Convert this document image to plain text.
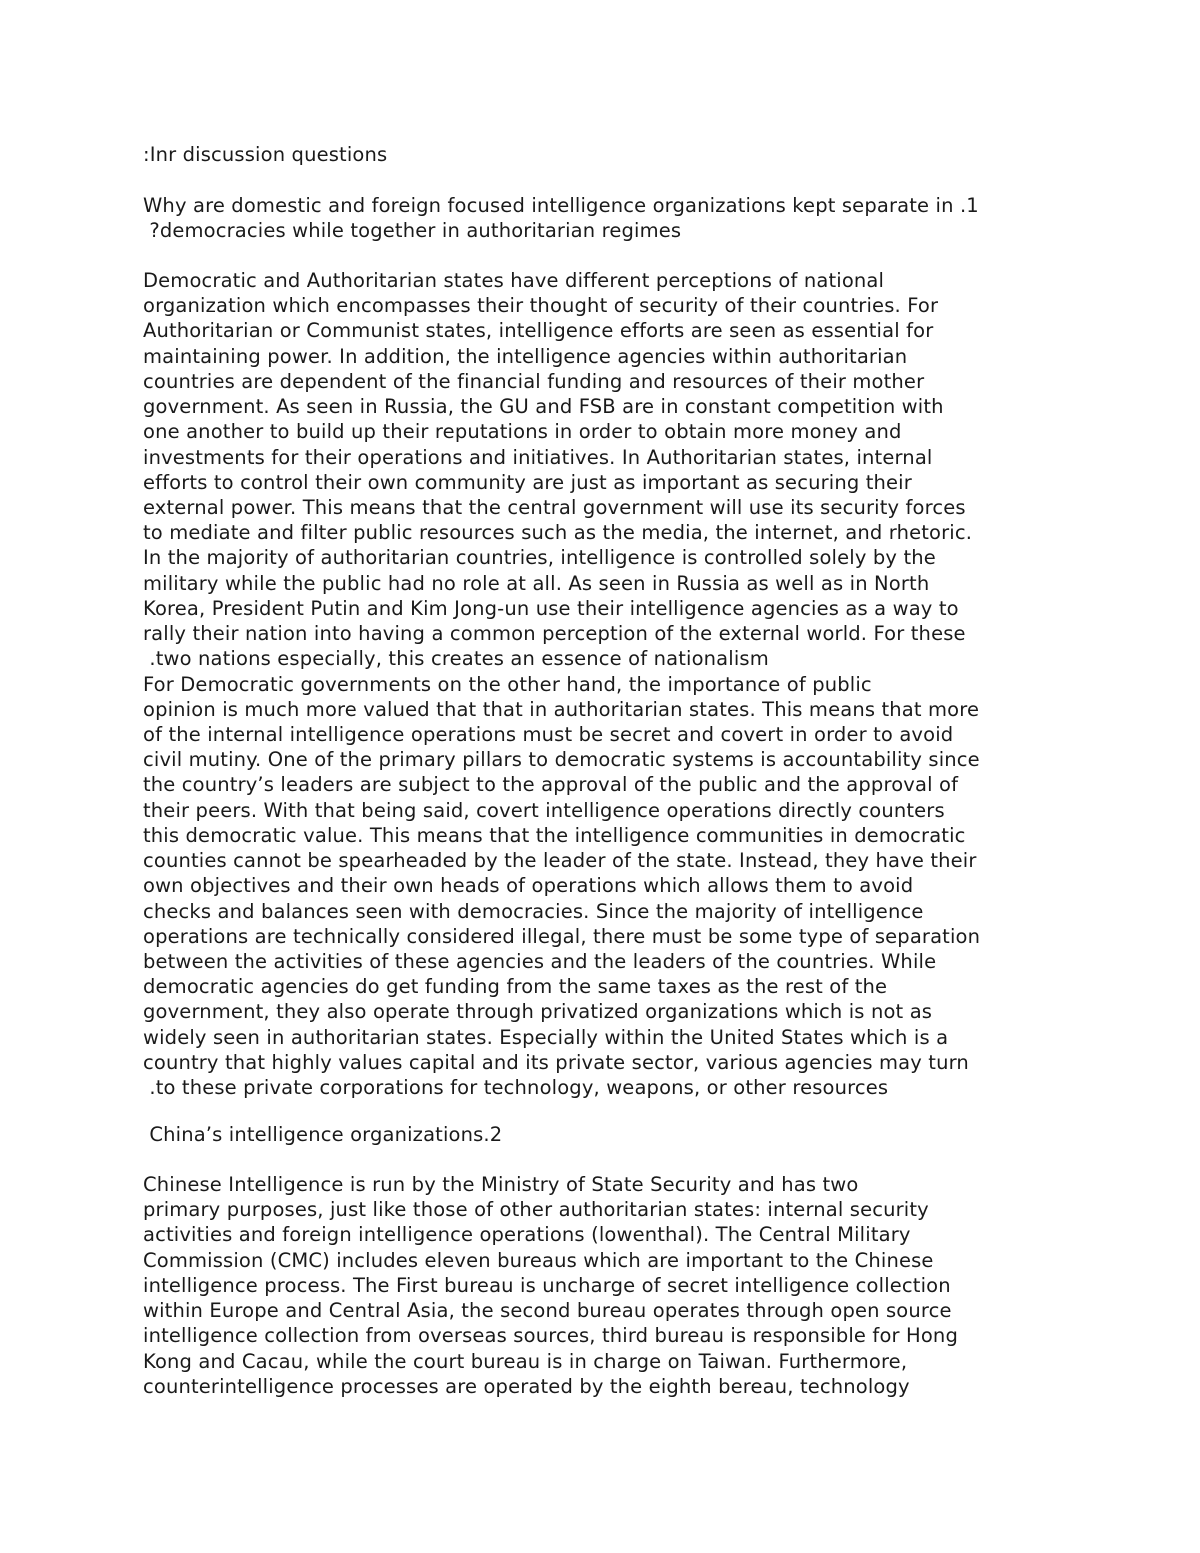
:Inr discussion questions
Why are domestic and foreign focused intelligence organizations kept separate in .1
?democracies while together in authoritarian regimes
Democratic and Authoritarian states have different perceptions of national
organization which encompasses their thought of security of their countries. For
Authoritarian or Communist states, intelligence efforts are seen as essential for
maintaining power. In addition, the intelligence agencies within authoritarian
countries are dependent of the financial funding and resources of their mother
government. As seen in Russia, the GU and FSB are in constant competition with
one another to build up their reputations in order to obtain more money and
investments for their operations and initiatives. In Authoritarian states, internal
efforts to control their own community are just as important as securing their
external power. This means that the central government will use its security forces
to mediate and filter public resources such as the media, the internet, and rhetoric.
In the majority of authoritarian countries, intelligence is controlled solely by the
military while the public had no role at all. As seen in Russia as well as in North
Korea, President Putin and Kim Jong-un use their intelligence agencies as a way to
rally their nation into having a common perception of the external world. For these
.two nations especially, this creates an essence of nationalism
For Democratic governments on the other hand, the importance of public
opinion is much more valued that that in authoritarian states. This means that more
of the internal intelligence operations must be secret and covert in order to avoid
civil mutiny. One of the primary pillars to democratic systems is accountability since
the country’s leaders are subject to the approval of the public and the approval of
their peers. With that being said, covert intelligence operations directly counters
this democratic value. This means that the intelligence communities in democratic
counties cannot be spearheaded by the leader of the state. Instead, they have their
own objectives and their own heads of operations which allows them to avoid
checks and balances seen with democracies. Since the majority of intelligence
operations are technically considered illegal, there must be some type of separation
between the activities of these agencies and the leaders of the countries. While
democratic agencies do get funding from the same taxes as the rest of the
government, they also operate through privatized organizations which is not as
widely seen in authoritarian states. Especially within the United States which is a
country that highly values capital and its private sector, various agencies may turn
.to these private corporations for technology, weapons, or other resources
China’s intelligence organizations.2
Chinese Intelligence is run by the Ministry of State Security and has two
primary purposes, just like those of other authoritarian states: internal security
activities and foreign intelligence operations (lowenthal). The Central Military
Commission (CMC) includes eleven bureaus which are important to the Chinese
intelligence process. The First bureau is uncharge of secret intelligence collection
within Europe and Central Asia, the second bureau operates through open source
intelligence collection from overseas sources, third bureau is responsible for Hong
Kong and Cacau, while the court bureau is in charge on Taiwan. Furthermore,
counterintelligence processes are operated by the eighth bereau, technology
